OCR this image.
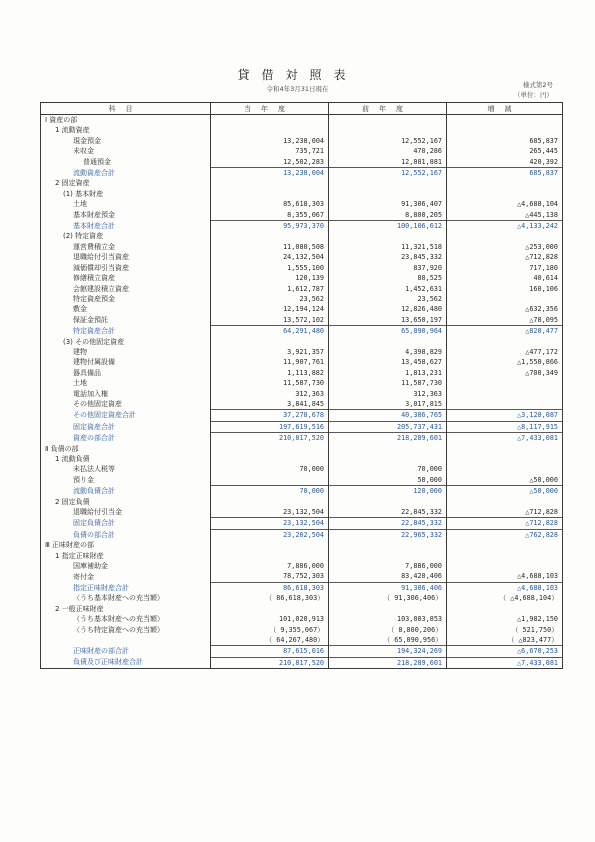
貸借対照表
令和4年3月31日現在	様式第2号
（単位：円）
科目	当年度	前年度	増減
Ⅰ 資産の部			
1 流動資産			
現金預金	13,238,004	12,552,167	685,837
未収金	735,721	470,286	265,445
普通預金	12,502,283	12,081,881	420,392
流動資産合計	13,238,004	12,552,167	685,837
2 固定資産			
(1) 基本財産			
土地	85,618,303	91,306,407	△4,688,104
基本財産預金	8,355,067	8,800,205	△445,138
基本財産合計	95,973,370	100,106,612	△4,133,242
(2) 特定資産			
運営費積立金	11,080,508	11,321,518	△253,000
退職給付引当資産	24,132,504	23,845,332	△712,828
減価償却引当資産	1,555,100	837,920	717,180
修繕積立資産	120,139	80,525	40,614
会館建設積立資産	1,612,787	1,452,631	160,106
特定資産預金	23,562	23,562	
敷金	12,194,124	12,826,480	△632,356
保証金預託	13,572,102	13,650,197	△78,095
特定資産合計	64,291,480	65,090,964	△820,477
(3) その他固定資産			
建物	3,921,357	4,398,829	△477,172
建物付属設備	11,907,761	13,458,627	△1,550,866
器具備品	1,113,882	1,813,231	△700,349
土地	11,587,730	11,587,730	
電話加入権	312,363	312,363	
その他固定資産	3,841,845	3,017,815	
その他固定資産合計	37,278,678	40,386,765	△3,128,087
固定資産合計	197,619,516	205,737,431	△8,117,915
資産の部合計	210,817,520	218,289,601	△7,433,081
Ⅱ 負債の部			
1 流動負債			
未払法人税等	70,000	70,000	
預り金		50,000	△50,000
流動負債合計	70,000	120,000	△50,000
2 固定負債			
退職給付引当金	23,132,504	22,845,332	△712,828
固定負債合計	23,132,504	22,845,332	△712,828
負債の部合計	23,202,504	22,965,332	△762,828
Ⅲ 正味財産の部			
1 指定正味財産			
国庫補助金	7,886,000	7,886,000	
寄付金	78,752,303	83,420,406	△4,688,103
指定正味財産合計	86,618,303	91,306,406	△4,688,103
（うち基本財産への充当額）	（ 86,618,303）	（ 91,306,406）	（ △4,688,104）
2 一般正味財産			
（うち基本財産への充当額）	101,020,913	103,003,853	△1,982,150
（うち特定資産への充当額）	（ 9,355,067）	（ 8,800,206）	（ 521,750）
	（ 64,267,480）	（ 65,090,956）	（ △823,477）
正味財産の部合計	87,615,016	194,324,269	△6,670,253
負債及び正味財産合計	210,817,520	218,289,601	△7,433,081
